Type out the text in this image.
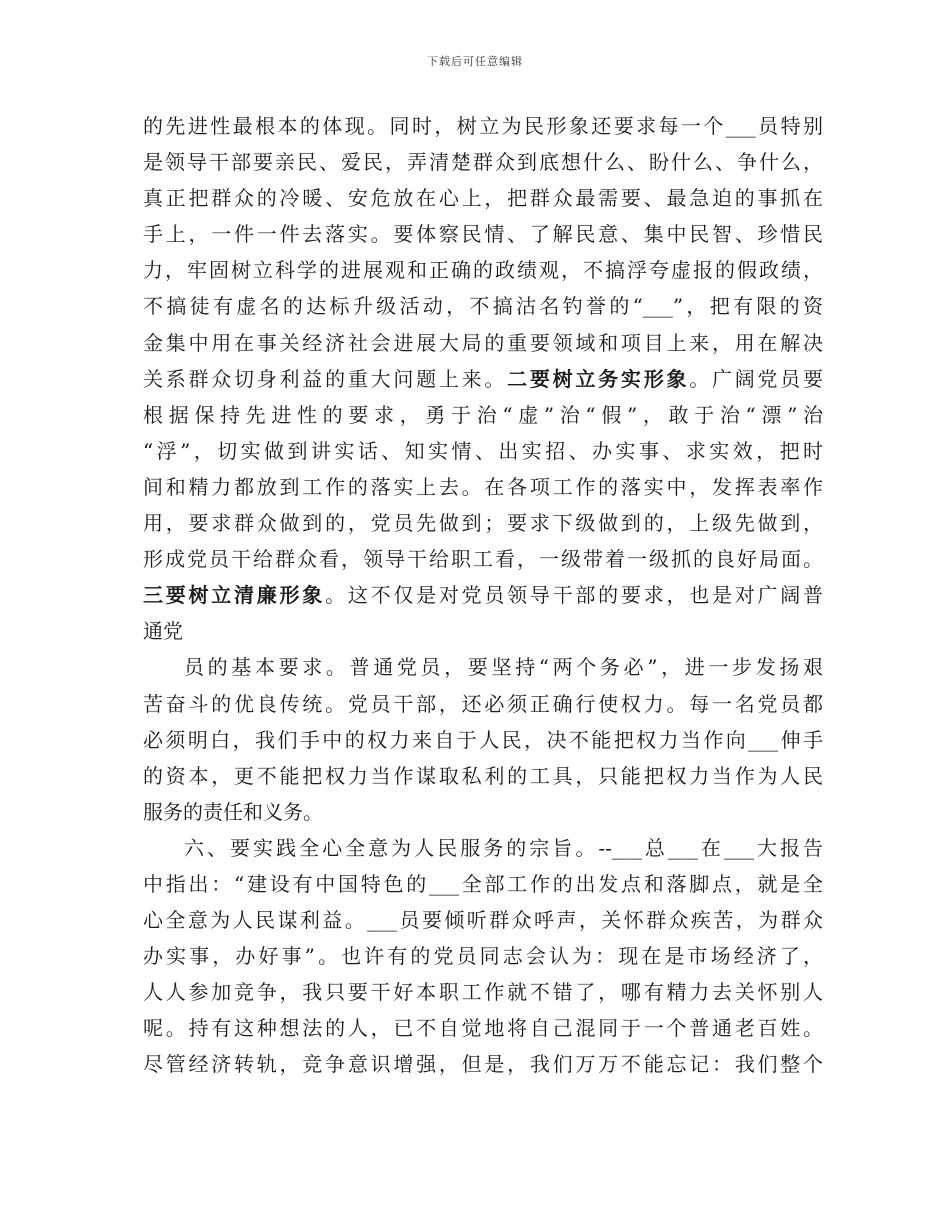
下载后可任意编辑
的先进性最根本的体现。同时，树立为民形象还要求每一个___员特别
是领导干部要亲民、爱民，弄清楚群众到底想什么、盼什么、争什么，
真正把群众的冷暖、安危放在心上，把群众最需要、最急迫的事抓在
手上，一件一件去落实。要体察民情、了解民意、集中民智、珍惜民
力，牢固树立科学的进展观和正确的政绩观，不搞浮夸虚报的假政绩，
不搞徒有虚名的达标升级活动，不搞沽名钓誉的“___”，把有限的资
金集中用在事关经济社会进展大局的重要领域和项目上来，用在解决
关系群众切身利益的重大问题上来。二要树立务实形象。广阔党员要
根据保持先进性的要求，勇于治“虚”治“假”，敢于治“漂”治
“浮”，切实做到讲实话、知实情、出实招、办实事、求实效，把时
间和精力都放到工作的落实上去。在各项工作的落实中，发挥表率作
用，要求群众做到的，党员先做到；要求下级做到的，上级先做到，
形成党员干给群众看，领导干给职工看，一级带着一级抓的良好局面。
三要树立清廉形象。这不仅是对党员领导干部的要求，也是对广阔普
通党
员的基本要求。普通党员，要坚持“两个务必”，进一步发扬艰
苦奋斗的优良传统。党员干部，还必须正确行使权力。每一名党员都
必须明白，我们手中的权力来自于人民，决不能把权力当作向___伸手
的资本，更不能把权力当作谋取私利的工具，只能把权力当作为人民
服务的责任和义务。
六、要实践全心全意为人民服务的宗旨。--___总___在___大报告
中指出：“建设有中国特色的___全部工作的出发点和落脚点，就是全
心全意为人民谋利益。___员要倾听群众呼声，关怀群众疾苦，为群众
办实事，办好事”。也许有的党员同志会认为：现在是市场经济了，
人人参加竞争，我只要干好本职工作就不错了，哪有精力去关怀别人
呢。持有这种想法的人，已不自觉地将自己混同于一个普通老百姓。
尽管经济转轨，竞争意识增强，但是，我们万万不能忘记：我们整个
